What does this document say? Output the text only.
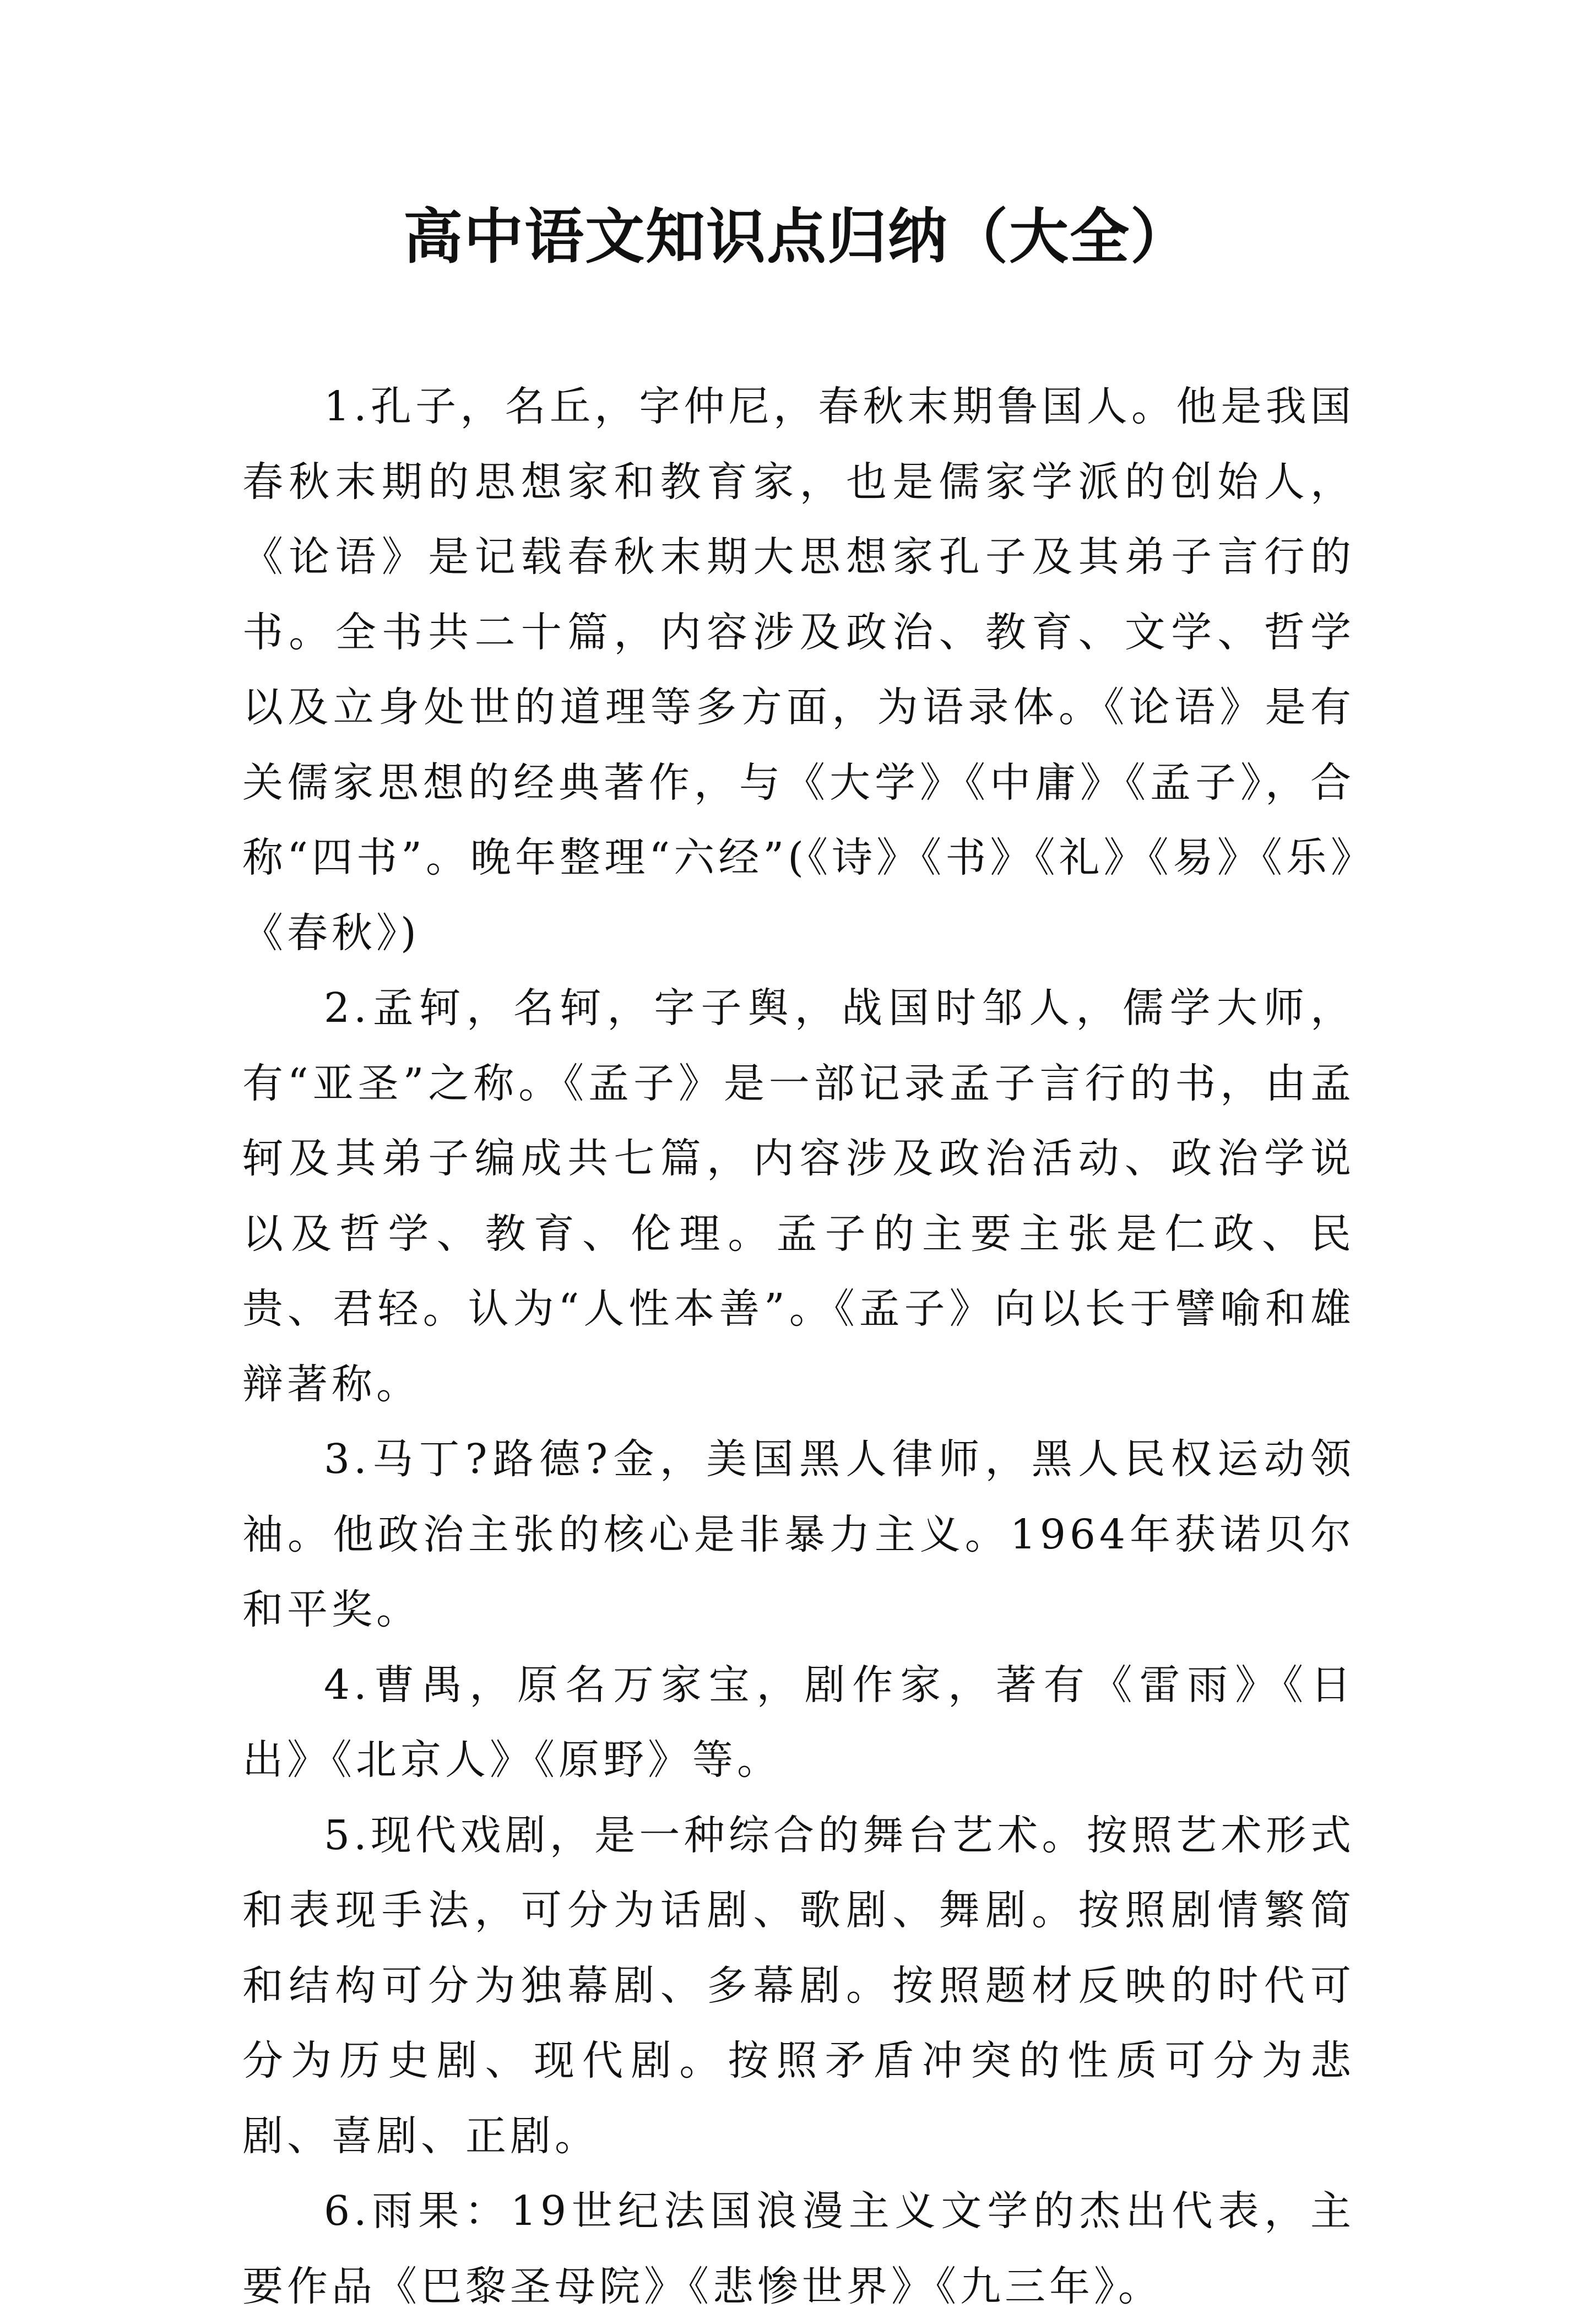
高中语文知识点归纳（大全）

1.孔子，名丘，字仲尼，春秋末期鲁国人。他是我国春秋末期的思想家和教育家，也是儒家学派的创始人，《论语》是记载春秋末期大思想家孔子及其弟子言行的书。全书共二十篇，内容涉及政治、教育、文学、哲学以及立身处世的道理等多方面，为语录体。《论语》是有关儒家思想的经典著作，与《大学》《中庸》《孟子》，合称“四书”。晚年整理“六经”(《诗》《书》《礼》《易》《乐》《春秋》)

2.孟轲，名轲，字子舆，战国时邹人，儒学大师，有“亚圣”之称。《孟子》是一部记录孟子言行的书，由孟轲及其弟子编成共七篇，内容涉及政治活动、政治学说以及哲学、教育、伦理。孟子的主要主张是仁政、民贵、君轻。认为“人性本善”。《孟子》向以长于譬喻和雄辩著称。

3.马丁?路德?金，美国黑人律师，黑人民权运动领袖。他政治主张的核心是非暴力主义。1964年获诺贝尔和平奖。

4.曹禺，原名万家宝，剧作家，著有《雷雨》《日出》《北京人》《原野》等。

5.现代戏剧，是一种综合的舞台艺术。按照艺术形式和表现手法，可分为话剧、歌剧、舞剧。按照剧情繁简和结构可分为独幕剧、多幕剧。按照题材反映的时代可分为历史剧、现代剧。按照矛盾冲突的性质可分为悲剧、喜剧、正剧。

6.雨果：19世纪法国浪漫主义文学的杰出代表，主要作品《巴黎圣母院》《悲惨世界》《九三年》。
